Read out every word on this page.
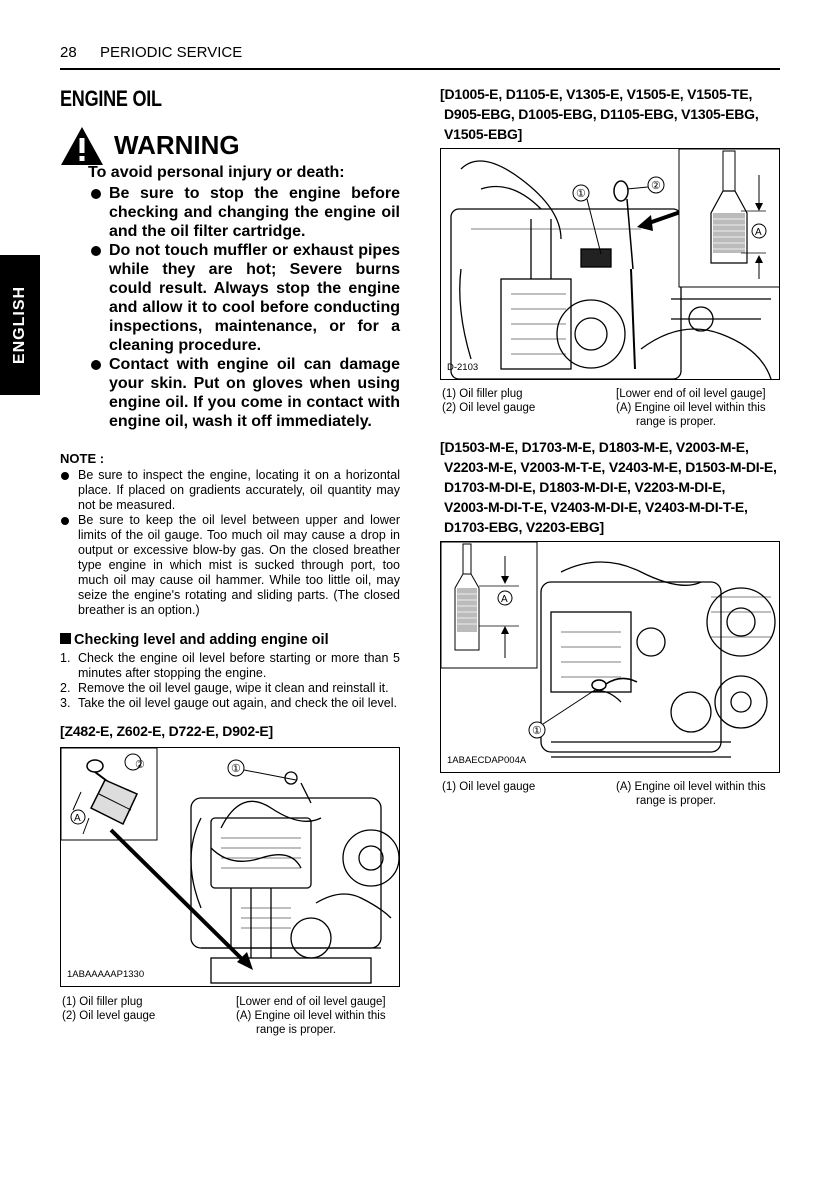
28 PERIODIC SERVICE
ENGLISH
ENGINE OIL
WARNING
To avoid personal injury or death:
Be sure to stop the engine before checking and changing the engine oil and the oil filter cartridge.
Do not touch muffler or exhaust pipes while they are hot; Severe burns could result. Always stop the engine and allow it to cool before conducting inspections, maintenance, or for a cleaning procedure.
Contact with engine oil can damage your skin. Put on gloves when using engine oil. If you come in contact with engine oil, wash it off immediately.
NOTE :
Be sure to inspect the engine, locating it on a horizontal place. If placed on gradients accurately, oil quantity may not be measured.
Be sure to keep the oil level between upper and lower limits of the oil gauge. Too much oil may cause a drop in output or excessive blow-by gas. On the closed breather type engine in which mist is sucked through port, too much oil may cause oil hammer. While too little oil, may seize the engine's rotating and sliding parts. (The closed breather is an option.)
Checking level and adding engine oil
1. Check the engine oil level before starting or more than 5 minutes after stopping the engine.
2. Remove the oil level gauge, wipe it clean and reinstall it.
3. Take the oil level gauge out again, and check the oil level.
[Z482-E, Z602-E, D722-E, D902-E]
②
A
①
1ABAAAAAP1330
(1) Oil filler plug
(2) Oil level gauge
[Lower end of oil level gauge]
(A) Engine oil level within this
range is proper.
[D1005-E, D1105-E, V1305-E, V1505-E, V1505-TE,
D905-EBG, D1005-EBG, D1105-EBG, V1305-EBG,
V1505-EBG]
A
①
②
D-2103
(1) Oil filler plug
(2) Oil level gauge
[Lower end of oil level gauge]
(A) Engine oil level within this
range is proper.
[D1503-M-E, D1703-M-E, D1803-M-E, V2003-M-E,
V2203-M-E, V2003-M-T-E, V2403-M-E, D1503-M-DI-E,
D1703-M-DI-E, D1803-M-DI-E, V2203-M-DI-E,
V2003-M-DI-T-E, V2403-M-DI-E, V2403-M-DI-T-E,
D1703-EBG, V2203-EBG]
A
①
1ABAECDAP004A
(1) Oil level gauge	(A) Engine oil level within this
range is proper.
